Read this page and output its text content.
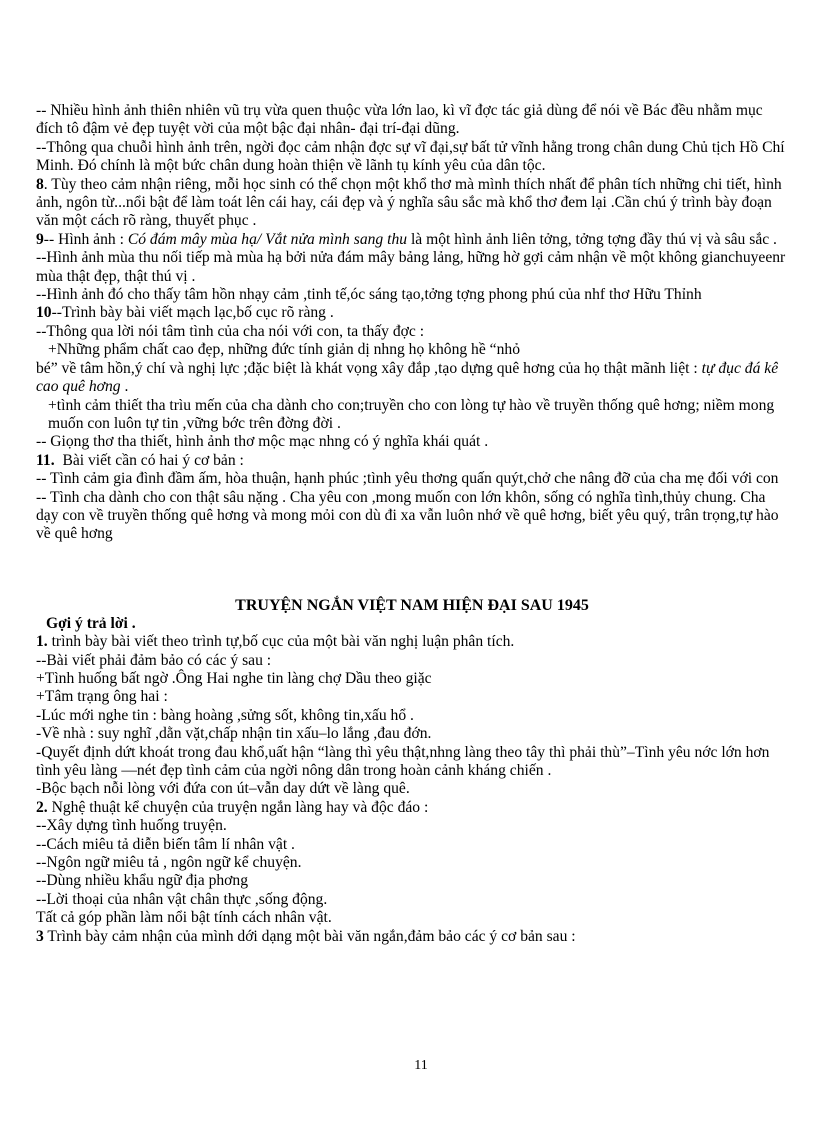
-- Nhiều hình ảnh thiên nhiên vũ trụ vừa quen thuộc vừa lớn lao, kì vĩ đợc tác giả dùng để nói về Bác đều nhằm mục đích tô đậm vẻ đẹp tuyệt vời của một bậc đại nhân- đại trí-đại dũng.

--Thông qua chuỗi hình ảnh trên, ngời đọc cảm nhận đợc sự vĩ đại,sự bất tử vĩnh hằng trong chân dung Chủ tịch Hồ Chí Minh. Đó chính là một bức chân dung hoàn thiện về lãnh tụ kính yêu của dân tộc.

8. Tùy theo cảm nhận riêng, mỗi học sinh có thể chọn một khổ thơ mà mình thích nhất để phân tích những chi tiết, hình ảnh, ngôn từ...nổi bật để làm toát lên cái hay, cái đẹp và ý nghĩa sâu sắc mà khổ thơ đem lại .Cần chú ý trình bày đoạn văn một cách rõ ràng, thuyết phục .

9-- Hình ảnh : Có đám mây mùa hạ/ Vắt nửa mình sang thu là một hình ảnh liên tởng, tởng tợng đầy thú vị và sâu sắc .

--Hình ảnh mùa thu nối tiếp mà mùa hạ bởi nửa đám mây bảng lảng, hững hờ gợi cảm nhận về một không gianchuyeenr mùa thật đẹp, thật thú vị .

--Hình ảnh đó cho thấy tâm hồn nhạy cảm ,tinh tế,óc sáng tạo,tởng tợng phong phú của nhf thơ Hữu Thỉnh

10--Trình bày bài viết mạch lạc,bố cục rõ ràng .

--Thông qua lời nói tâm tình của cha nói với con, ta thấy đợc :

+Những phẩm chất cao đẹp, những đức tính giản dị nhng họ không hề “nhỏ

bé” về tâm hồn,ý chí và nghị lực ;đặc biệt là khát vọng xây đắp ,tạo dựng quê hơng của họ thật mãnh liệt : tự đục đá kê cao quê hơng .

+tình cảm thiết tha trìu mến của cha dành cho con;truyền cho con lòng tự hào về truyền thống quê hơng; niềm mong muốn con luôn tự tin ,vững bớc trên đờng đời .

-- Giọng thơ tha thiết, hình ảnh thơ mộc mạc nhng có ý nghĩa khái quát .

11. Bài viết cần có hai ý cơ bản :

-- Tình cảm gia đình đầm ấm, hòa thuận, hạnh phúc ;tình yêu thơng quấn quýt,chở che nâng đỡ của cha mẹ đối với con

-- Tình cha dành cho con thật sâu nặng . Cha yêu con ,mong muốn con lớn khôn, sống có nghĩa tình,thủy chung. Cha dạy con về truyền thống quê hơng và mong mỏi con dù đi xa vẫn luôn nhớ về quê hơng, biết yêu quý, trân trọng,tự hào về quê hơng

TRUYỆN NGẮN VIỆT NAM HIỆN ĐẠI SAU 1945

Gợi ý trả lời .

1. trình bày bài viết theo trình tự,bố cục của một bài văn nghị luận phân tích.

--Bài viết phải đảm bảo có các ý sau :

+Tình huống bất ngờ .Ông Hai nghe tin làng chợ Dầu theo giặc

+Tâm trạng ông hai :

-Lúc mới nghe tin : bàng hoàng ,sửng sốt, không tin,xấu hổ .

-Về nhà : suy nghĩ ,dằn vặt,chấp nhận tin xấu–lo lắng ,đau đớn.

-Quyết định dứt khoát trong đau khổ,uất hận “làng thì yêu thật,nhng làng theo tây thì phải thù”–Tình yêu nớc lớn hơn tình yêu làng —nét đẹp tình cảm của ngời nông dân trong hoàn cảnh kháng chiến .

-Bộc bạch nỗi lòng với đứa con út–vẫn day dứt về làng quê.

2. Nghệ thuật kể chuyện của truyện ngắn làng hay và độc đáo :

--Xây dựng tình huống truyện.

--Cách miêu tả diễn biến tâm lí nhân vật .

--Ngôn ngữ miêu tả , ngôn ngữ kể chuyện.

--Dùng nhiều khẩu ngữ địa phơng

--Lời thoại của nhân vật chân thực ,sống động.

Tất cả góp phần làm nổi bật tính cách nhân vật.

3 Trình bày cảm nhận của mình dới dạng một bài văn ngắn,đảm bảo các ý cơ bản sau :

11
